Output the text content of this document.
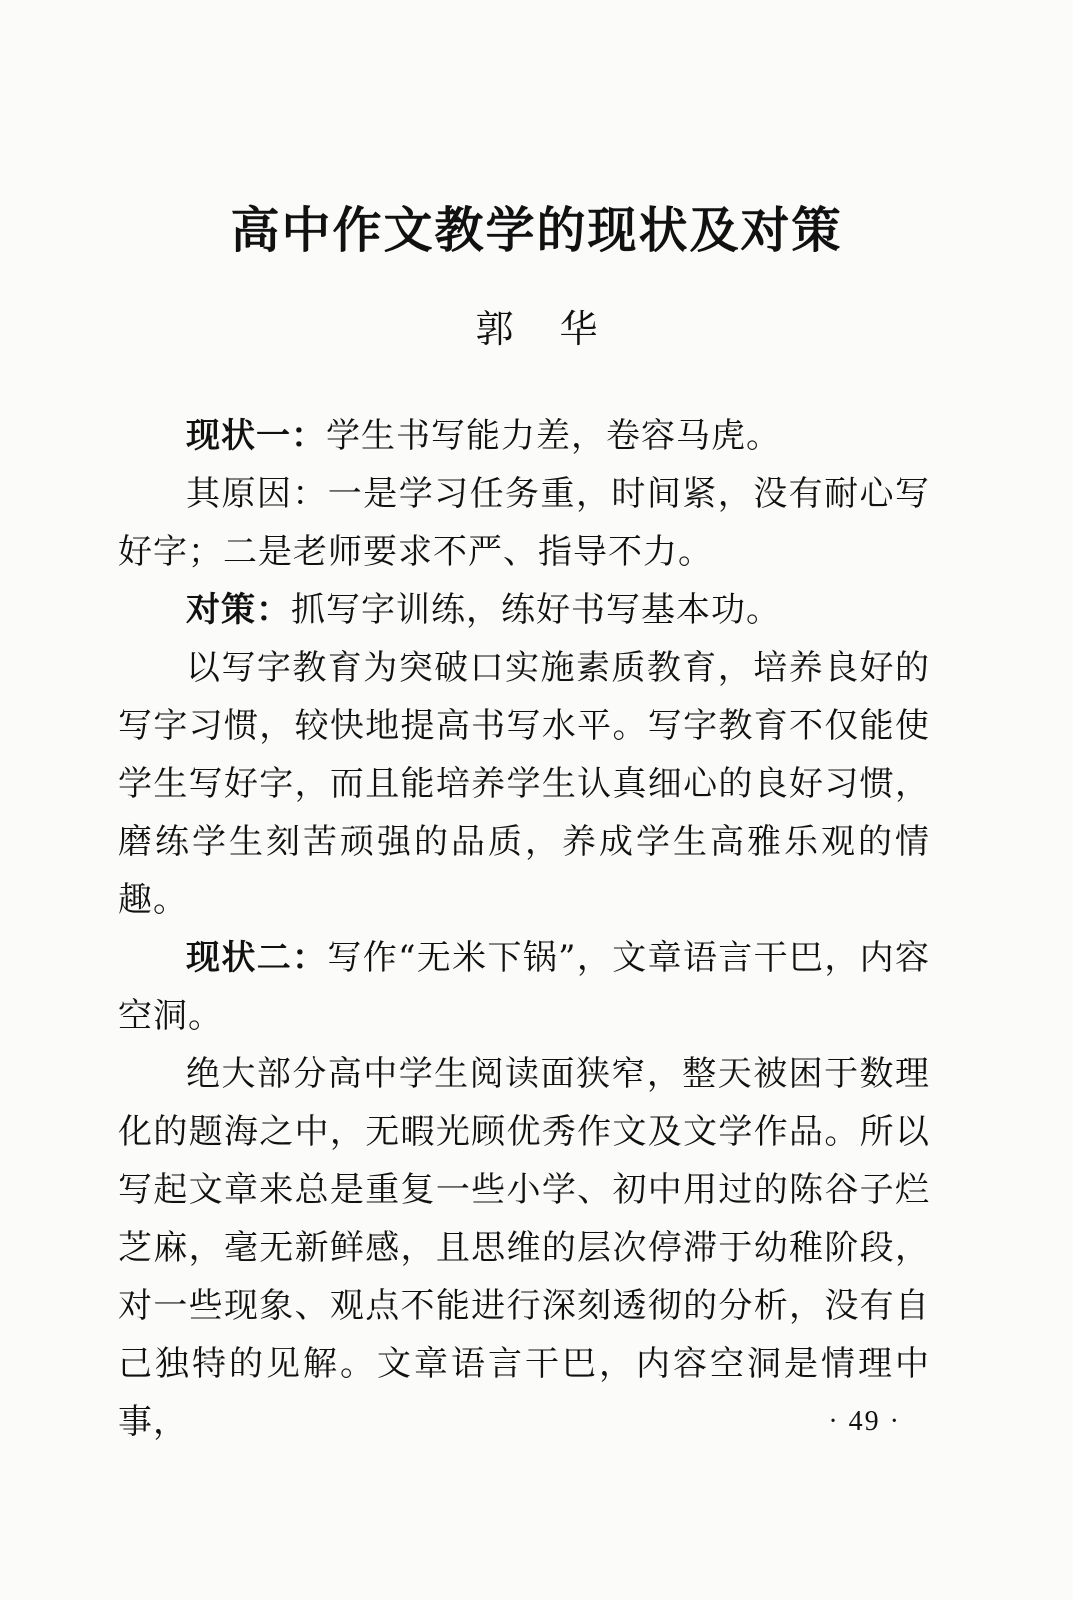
高中作文教学的现状及对策
郭华

现状一：学生书写能力差，卷容马虎。

其原因：一是学习任务重，时间紧，没有耐心写好字；二是老师要求不严、指导不力。

对策：抓写字训练，练好书写基本功。

以写字教育为突破口实施素质教育，培养良好的写字习惯，较快地提高书写水平。写字教育不仅能使学生写好字，而且能培养学生认真细心的良好习惯，磨练学生刻苦顽强的品质，养成学生高雅乐观的情趣。

现状二：写作“无米下锅”，文章语言干巴，内容空洞。

绝大部分高中学生阅读面狭窄，整天被困于数理化的题海之中，无暇光顾优秀作文及文学作品。所以写起文章来总是重复一些小学、初中用过的陈谷子烂芝麻，毫无新鲜感，且思维的层次停滞于幼稚阶段，对一些现象、观点不能进行深刻透彻的分析，没有自己独特的见解。文章语言干巴，内容空洞是情理中事，	· 49 ·
